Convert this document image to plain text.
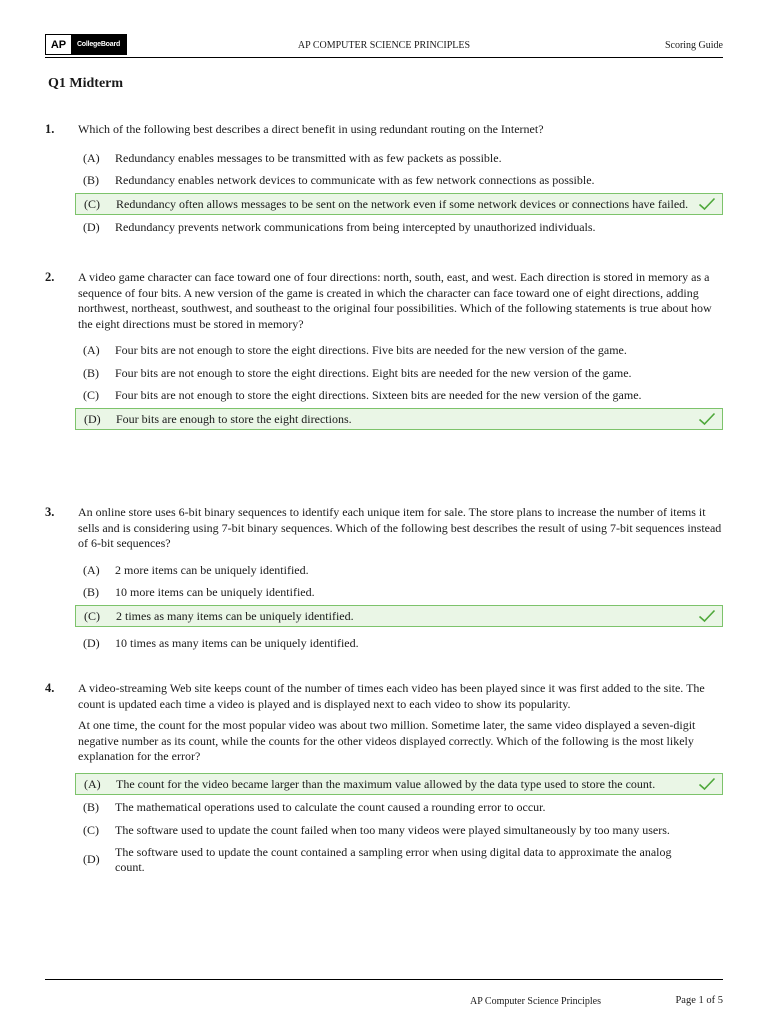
AP	CollegeBoard	AP COMPUTER SCIENCE PRINCIPLES	Scoring Guide
Q1 Midterm
1. Which of the following best describes a direct benefit in using redundant routing on the Internet?

(A)	Redundancy enables messages to be transmitted with as few packets as possible.
(B)	Redundancy enables network devices to communicate with as few network connections as possible.
(C)	Redundancy often allows messages to be sent on the network even if some network devices or connections have failed.
(D)	Redundancy prevents network communications from being intercepted by unauthorized individuals.
2. A video game character can face toward one of four directions: north, south, east, and west. Each direction is stored in memory as a sequence of four bits. A new version of the game is created in which the character can face toward one of eight directions, adding northwest, northeast, southwest, and southeast to the original four possibilities. Which of the following statements is true about how the eight directions must be stored in memory?

(A)	Four bits are not enough to store the eight directions. Five bits are needed for the new version of the game.
(B)	Four bits are not enough to store the eight directions. Eight bits are needed for the new version of the game.
(C)	Four bits are not enough to store the eight directions. Sixteen bits are needed for the new version of the game.
(D)	Four bits are enough to store the eight directions.
3. An online store uses 6-bit binary sequences to identify each unique item for sale. The store plans to increase the number of items it sells and is considering using 7-bit binary sequences. Which of the following best describes the result of using 7-bit sequences instead of 6-bit sequences?

(A)	2 more items can be uniquely identified.
(B)	10 more items can be uniquely identified.
(C)	2 times as many items can be uniquely identified.
(D)	10 times as many items can be uniquely identified.
4. A video-streaming Web site keeps count of the number of times each video has been played since it was first added to the site. The count is updated each time a video is played and is displayed next to each video to show its popularity.

At one time, the count for the most popular video was about two million. Sometime later, the same video displayed a seven-digit negative number as its count, while the counts for the other videos displayed correctly. Which of the following is the most likely explanation for the error?

(A)	The count for the video became larger than the maximum value allowed by the data type used to store the count.
(B)	The mathematical operations used to calculate the count caused a rounding error to occur.
(C)	The software used to update the count failed when too many videos were played simultaneously by too many users.
(D)
The software used to update the count contained a sampling error when using digital data to approximate the analog count.
AP Computer Science Principles	Page 1 of 5
